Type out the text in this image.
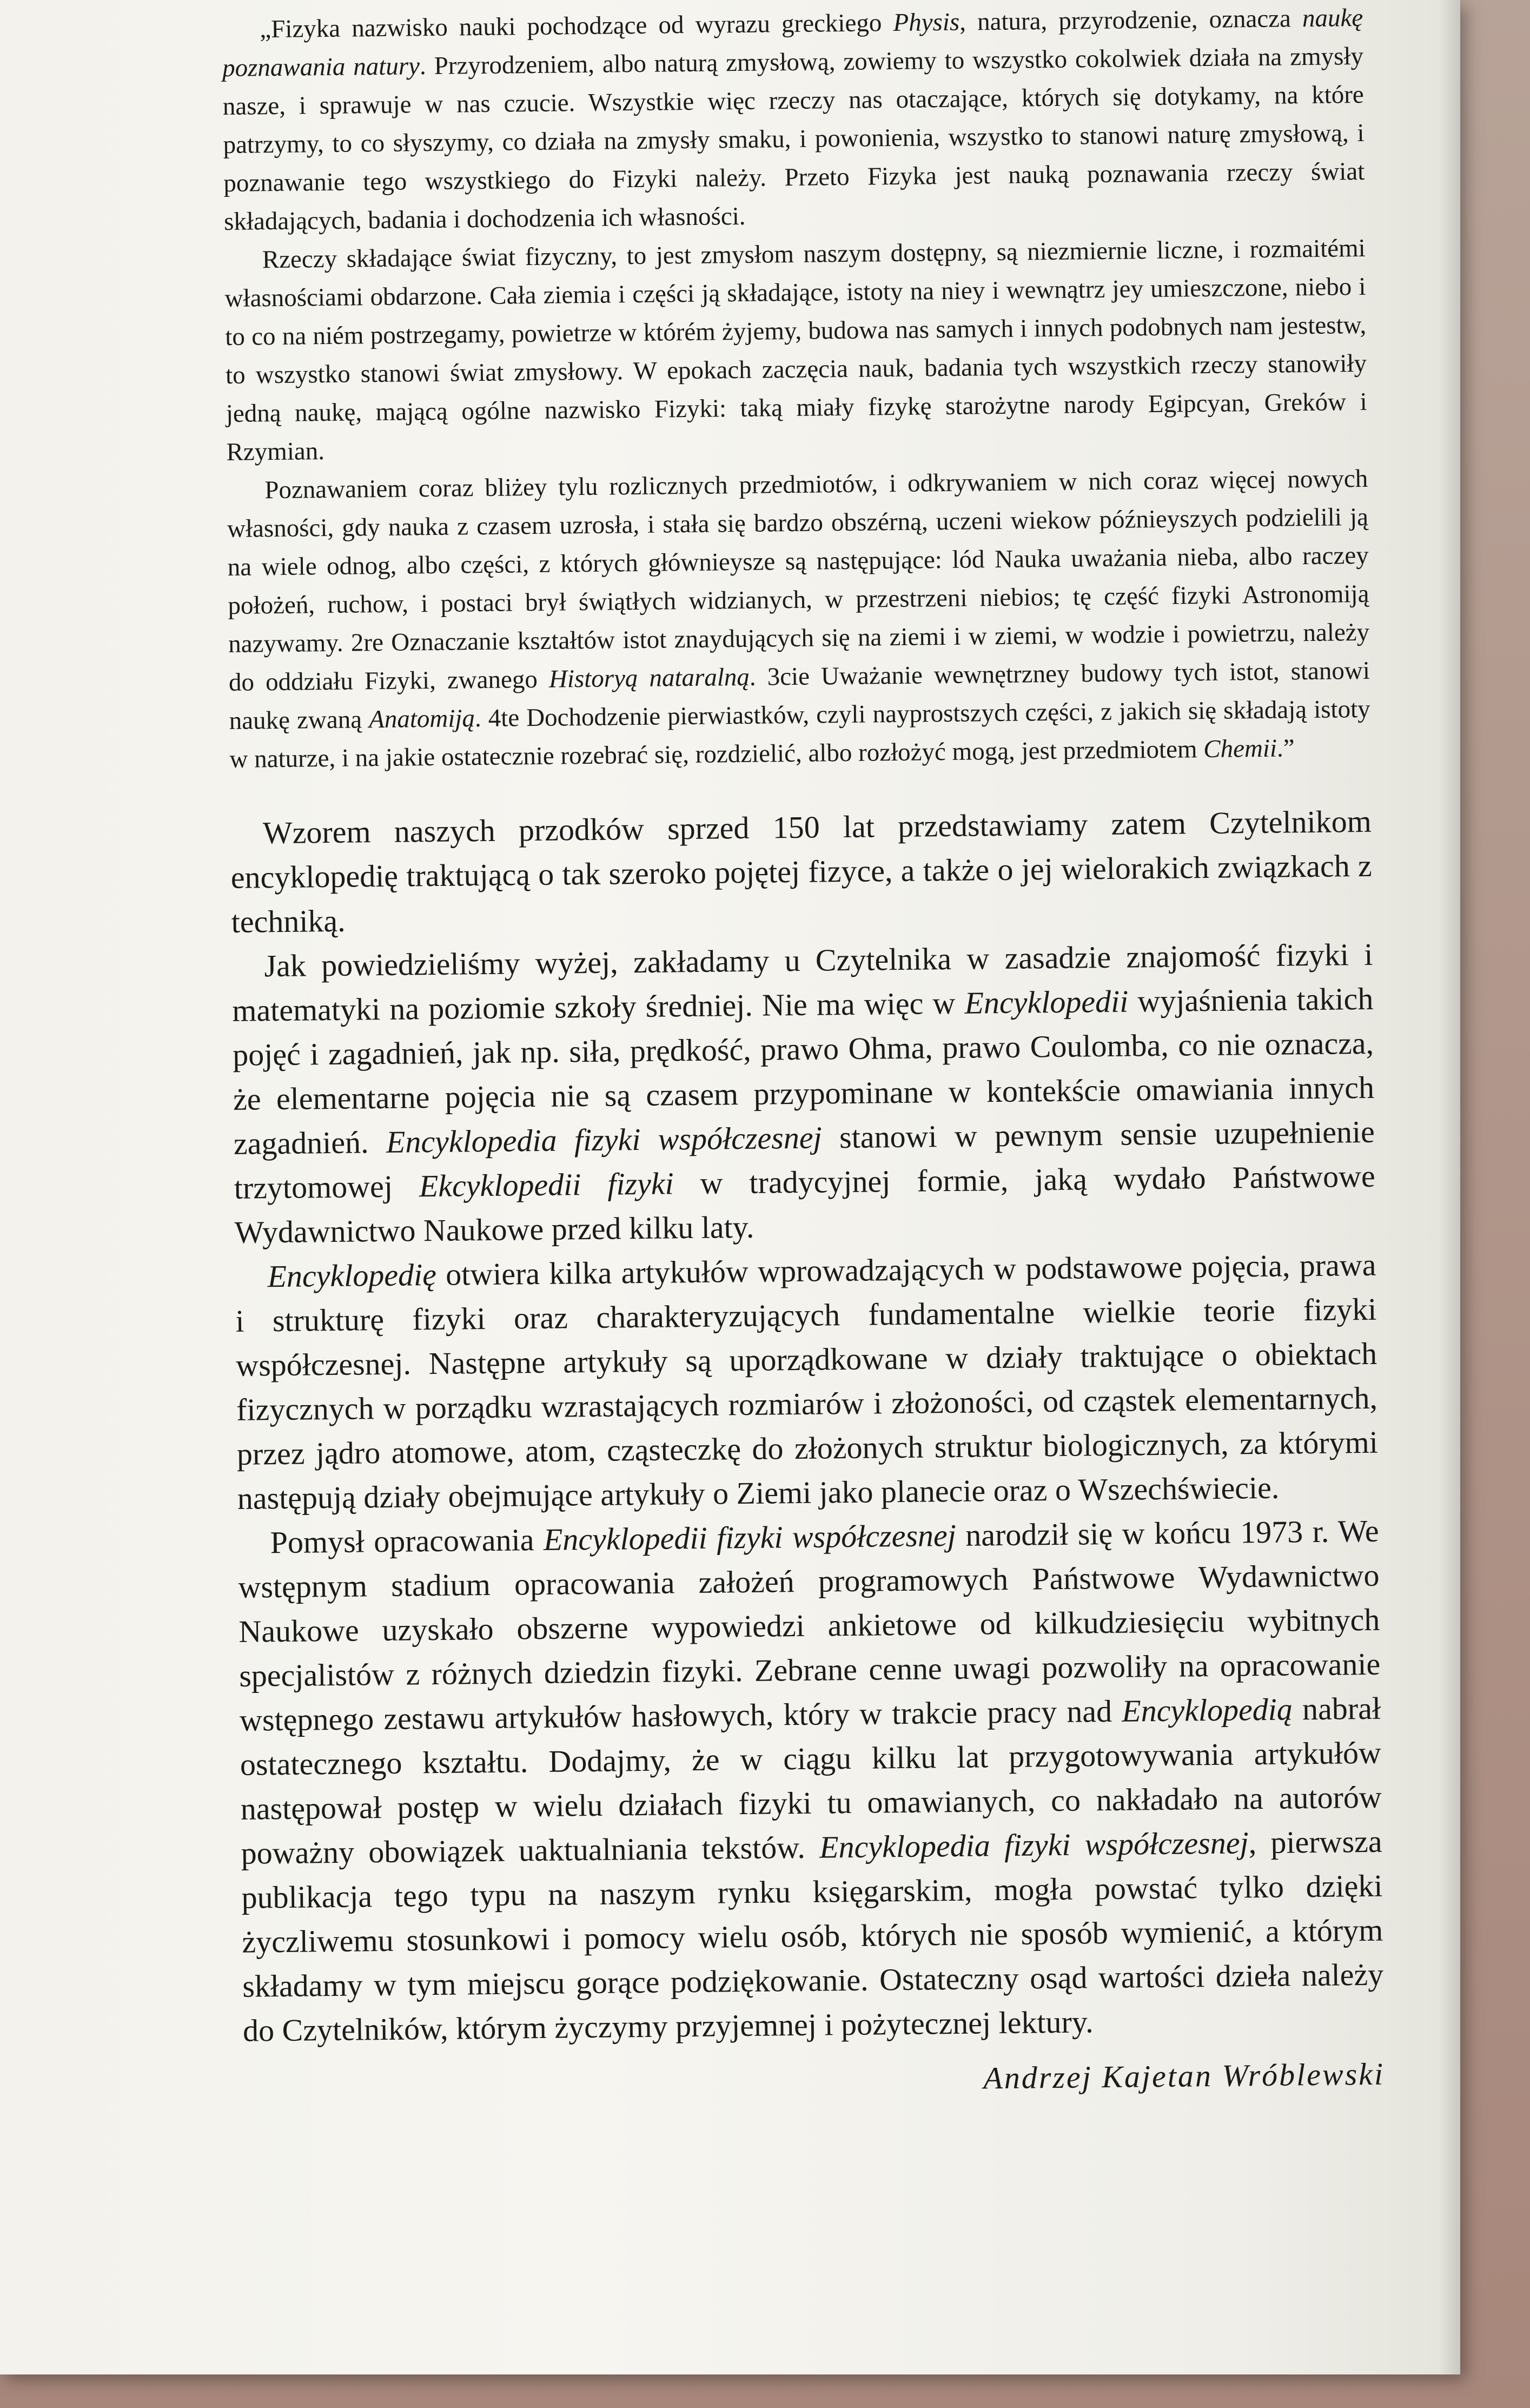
„Fizyka nazwisko nauki pochodzące od wyrazu greckiego Physis, natura, przyrodzenie, oznacza naukę poznawania natury. Przyrodzeniem, albo naturą zmysłową, zowiemy to wszystko cokolwiek działa na zmysły nasze, i sprawuje w nas czucie. Wszystkie więc rzeczy nas otaczające, których się dotykamy, na które patrzymy, to co słyszymy, co działa na zmysły smaku, i powonienia, wszystko to stanowi naturę zmysłową, i poznawanie tego wszystkiego do Fizyki należy. Przeto Fizyka jest nauką poznawania rzeczy świat składających, badania i dochodzenia ich własności.

Rzeczy składające świat fizyczny, to jest zmysłom naszym dostępny, są niezmiernie liczne, i rozmaitémi własnościami obdarzone. Cała ziemia i części ją składające, istoty na niey i wewnątrz jey umieszczone, niebo i to co na niém postrzegamy, powietrze w którém żyjemy, budowa nas samych i innych podobnych nam jestestw, to wszystko stanowi świat zmysłowy. W epokach zaczęcia nauk, badania tych wszystkich rzeczy stanowiły jedną naukę, mającą ogólne nazwisko Fizyki: taką miały fizykę starożytne narody Egipcyan, Greków i Rzymian.

Poznawaniem coraz bliżey tylu rozlicznych przedmiotów, i odkrywaniem w nich coraz więcej nowych własności, gdy nauka z czasem uzrosła, i stała się bardzo obszérną, uczeni wiekow późnieyszych podzielili ją na wiele odnog, albo części, z których głównieysze są następujące: lód Nauka uważania nieba, albo raczey położeń, ruchow, i postaci brył świątłych widzianych, w przestrzeni niebios; tę część fizyki Astronomiją nazywamy. 2re Oznaczanie kształtów istot znaydujących się na ziemi i w ziemi, w wodzie i powietrzu, należy do oddziału Fizyki, zwanego Historyą nataralną. 3cie Uważanie wewnętrzney budowy tych istot, stanowi naukę zwaną Anatomiją. 4te Dochodzenie pierwiastków, czyli nayprostszych części, z jakich się składają istoty w naturze, i na jakie ostatecznie rozebrać się, rozdzielić, albo rozłożyć mogą, jest przedmiotem Chemii.”

Wzorem naszych przodków sprzed 150 lat przedstawiamy zatem Czytelnikom encyklopedię traktującą o tak szeroko pojętej fizyce, a także o jej wielorakich związkach z techniką.

Jak powiedzieliśmy wyżej, zakładamy u Czytelnika w zasadzie znajomość fizyki i matematyki na poziomie szkoły średniej. Nie ma więc w Encyklopedii wyjaśnienia takich pojęć i zagadnień, jak np. siła, prędkość, prawo Ohma, prawo Coulomba, co nie oznacza, że elementarne pojęcia nie są czasem przypominane w kontekście omawiania innych zagadnień. Encyklopedia fizyki współczesnej stanowi w pewnym sensie uzupełnienie trzytomowej Ekcyklopedii fizyki w tradycyjnej formie, jaką wydało Państwowe Wydawnictwo Naukowe przed kilku laty.

Encyklopedię otwiera kilka artykułów wprowadzających w podstawowe pojęcia, prawa i strukturę fizyki oraz charakteryzujących fundamentalne wielkie teorie fizyki współczesnej. Następne artykuły są uporządkowane w działy traktujące o obiektach fizycznych w porządku wzrastających rozmiarów i złożoności, od cząstek elementarnych, przez jądro atomowe, atom, cząsteczkę do złożonych struktur biologicznych, za którymi następują działy obejmujące artykuły o Ziemi jako planecie oraz o Wszechświecie.

Pomysł opracowania Encyklopedii fizyki współczesnej narodził się w końcu 1973 r. We wstępnym stadium opracowania założeń programowych Państwowe Wydawnictwo Naukowe uzyskało obszerne wypowiedzi ankietowe od kilkudziesięciu wybitnych specjalistów z różnych dziedzin fizyki. Zebrane cenne uwagi pozwoliły na opracowanie wstępnego zestawu artykułów hasłowych, który w trakcie pracy nad Encyklopedią nabrał ostatecznego kształtu. Dodajmy, że w ciągu kilku lat przygotowywania artykułów następował postęp w wielu działach fizyki tu omawianych, co nakładało na autorów poważny obowiązek uaktualniania tekstów. Encyklopedia fizyki współczesnej, pierwsza publikacja tego typu na naszym rynku księgarskim, mogła powstać tylko dzięki życzliwemu stosunkowi i pomocy wielu osób, których nie sposób wymienić, a którym składamy w tym miejscu gorące podziękowanie. Ostateczny osąd wartości dzieła należy do Czytelników, którym życzymy przyjemnej i pożytecznej lektury.

Andrzej Kajetan Wróblewski
